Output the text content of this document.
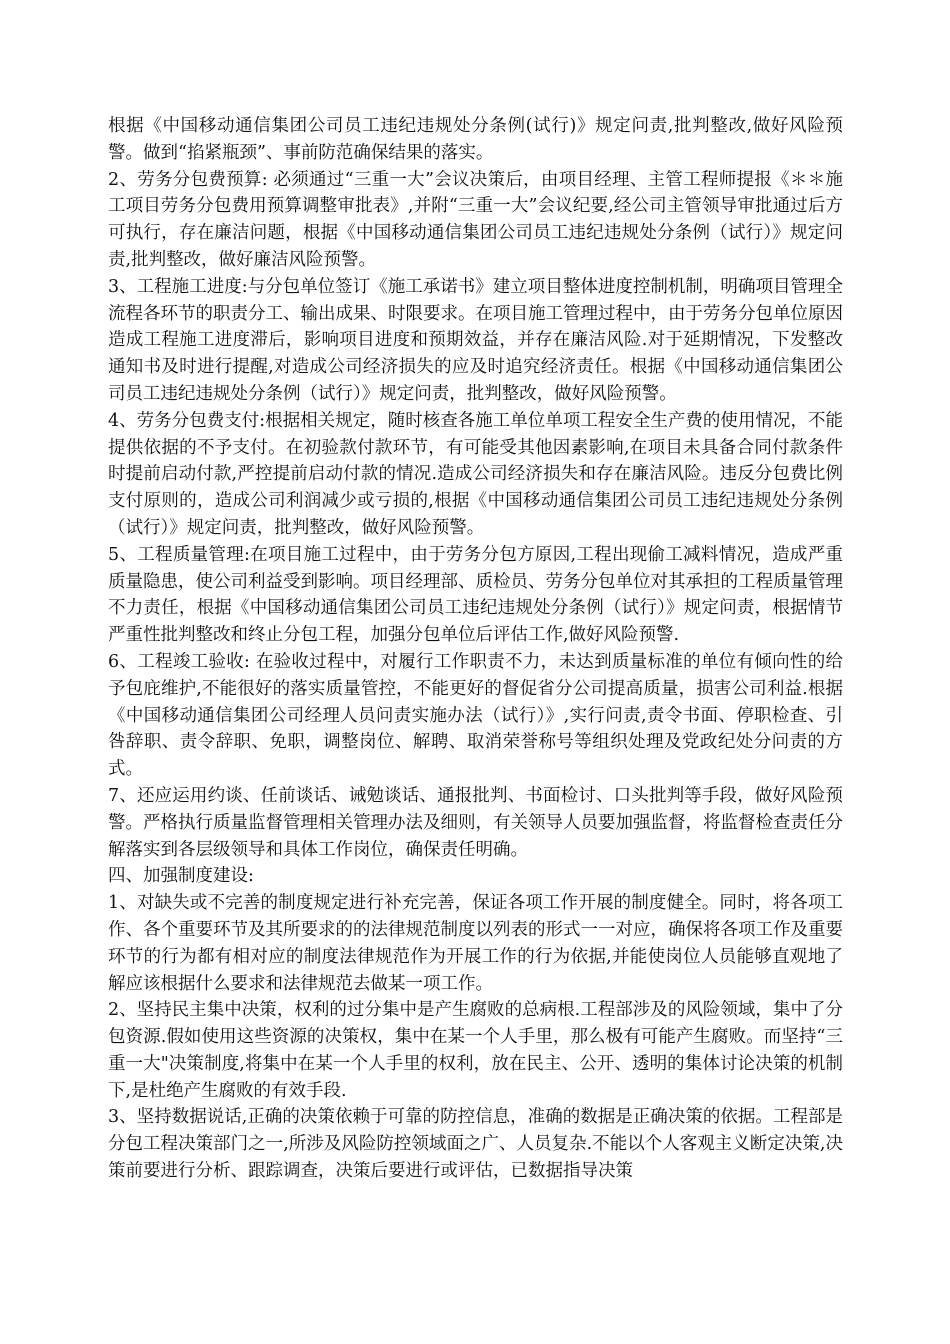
根据《中国移动通信集团公司员工违纪违规处分条例(试行)》规定问责,批判整改,做好风险预警。做到“掐紧瓶颈”、事前防范确保结果的落实。

2、劳务分包费预算: 必须通过“三重一大”会议决策后，由项目经理、主管工程师提报《＊＊施工项目劳务分包费用预算调整审批表》,并附“三重一大”会议纪要,经公司主管领导审批通过后方可执行，存在廉洁问题，根据《中国移动通信集团公司员工违纪违规处分条例（试行）》规定问责,批判整改，做好廉洁风险预警。

3、工程施工进度:与分包单位签订《施工承诺书》建立项目整体进度控制机制，明确项目管理全流程各环节的职责分工、输出成果、时限要求。在项目施工管理过程中，由于劳务分包单位原因造成工程施工进度滞后，影响项目进度和预期效益，并存在廉洁风险.对于延期情况，下发整改通知书及时进行提醒,对造成公司经济损失的应及时追究经济责任。根据《中国移动通信集团公司员工违纪违规处分条例（试行）》规定问责，批判整改，做好风险预警。

4、劳务分包费支付:根据相关规定，随时核查各施工单位单项工程安全生产费的使用情况，不能提供依据的不予支付。在初验款付款环节，有可能受其他因素影响,在项目未具备合同付款条件时提前启动付款,严控提前启动付款的情况.造成公司经济损失和存在廉洁风险。违反分包费比例支付原则的，造成公司利润减少或亏损的,根据《中国移动通信集团公司员工违纪违规处分条例（试行）》规定问责，批判整改，做好风险预警。

5、工程质量管理:在项目施工过程中，由于劳务分包方原因,工程出现偷工减料情况，造成严重质量隐患，使公司利益受到影响。项目经理部、质检员、劳务分包单位对其承担的工程质量管理不力责任，根据《中国移动通信集团公司员工违纪违规处分条例（试行）》规定问责，根据情节严重性批判整改和终止分包工程，加强分包单位后评估工作,做好风险预警.

6、工程竣工验收: 在验收过程中，对履行工作职责不力，未达到质量标准的单位有倾向性的给予包庇维护,不能很好的落实质量管控，不能更好的督促省分公司提高质量，损害公司利益.根据《中国移动通信集团公司经理人员问责实施办法（试行）》,实行问责,责令书面、停职检查、引咎辞职、责令辞职、免职，调整岗位、解聘、取消荣誉称号等组织处理及党政纪处分问责的方式。

7、还应运用约谈、任前谈话、诫勉谈话、通报批判、书面检讨、口头批判等手段，做好风险预警。严格执行质量监督管理相关管理办法及细则，有关领导人员要加强监督，将监督检查责任分解落实到各层级领导和具体工作岗位，确保责任明确。

四、加强制度建设:

1、对缺失或不完善的制度规定进行补充完善，保证各项工作开展的制度健全。同时，将各项工作、各个重要环节及其所要求的的法律规范制度以列表的形式一一对应，确保将各项工作及重要环节的行为都有相对应的制度法律规范作为开展工作的行为依据,并能使岗位人员能够直观地了解应该根据什么要求和法律规范去做某一项工作。

2、坚持民主集中决策，权利的过分集中是产生腐败的总病根.工程部涉及的风险领域，集中了分包资源.假如使用这些资源的决策权，集中在某一个人手里，那么极有可能产生腐败。而坚持“三重一大"决策制度,将集中在某一个人手里的权利，放在民主、公开、透明的集体讨论决策的机制下,是杜绝产生腐败的有效手段.

3、坚持数据说话,正确的决策依赖于可靠的防控信息，准确的数据是正确决策的依据。工程部是分包工程决策部门之一,所涉及风险防控领域面之广、人员复杂.不能以个人客观主义断定决策,决策前要进行分析、跟踪调查，决策后要进行或评估，已数据指导决策
